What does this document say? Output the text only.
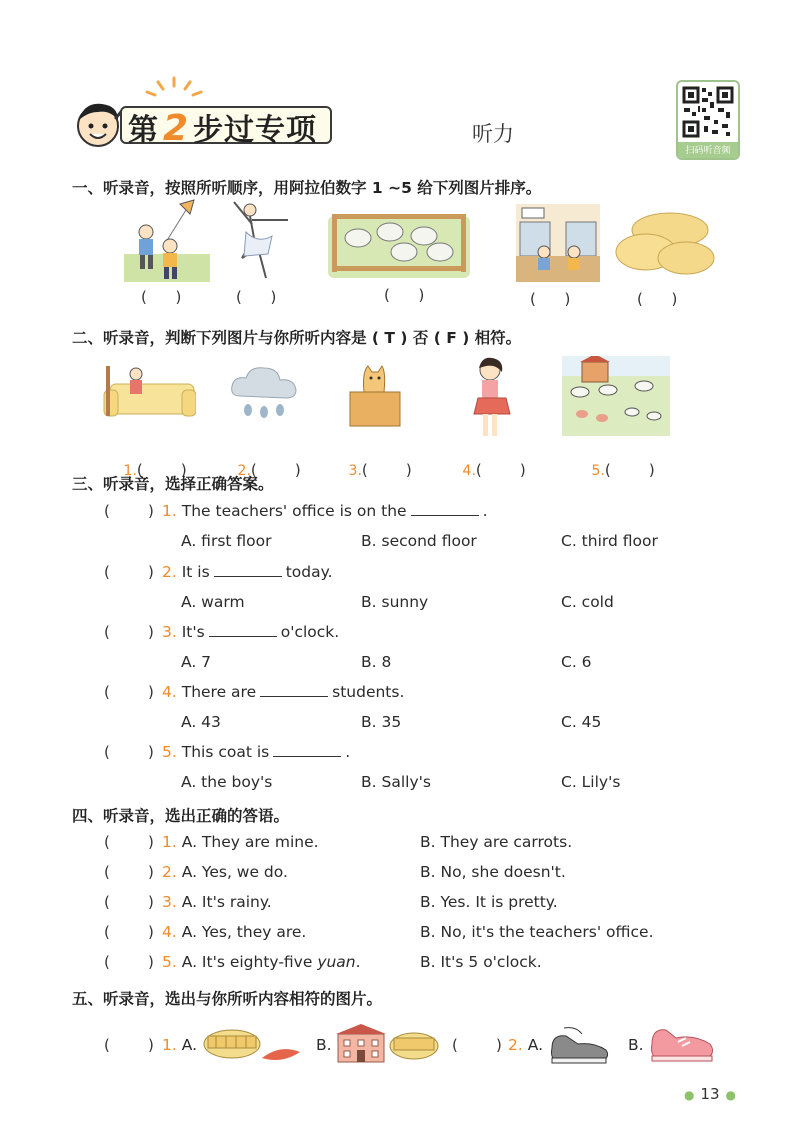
第 2 步过专项	听力
扫码听音频
一、听录音，按照所听顺序，用阿拉伯数字 1 ~5 给下列图片排序。
(      )	(      )	(      )	(      )	(      )
二、听录音，判断下列图片与你所听内容是 ( T ) 否 ( F ) 相符。

1.(        )	2.(        )	3.(        )	4.(        )	5.(        )

三、听录音，选择正确答案。
(        ) 1. The teachers' office is on the	.
A. first floor	B. second floor	C. third floor
(        ) 2. It is	today.
A. warm	B. sunny	C. cold
(        ) 3. It's	o'clock.
A. 7	B. 8	C. 6
(        ) 4. There are	students.
A. 43	B. 35	C. 45
(        ) 5. This coat is	.
A. the boy's	B. Sally's	C. Lily's
四、听录音，选出正确的答语。
(        ) 1. A. They are mine.	B. They are carrots.
(        ) 2. A. Yes, we do.	B. No, she doesn't.
(        ) 3. A. It's rainy.	B. Yes. It is pretty.
(        ) 4. A. Yes, they are.	B. No, it's the teachers' office.
(        ) 5. A. It's eighty-five yuan.	B. It's 5 o'clock.
五、听录音，选出与你所听内容相符的图片。
(        ) 1. A.	B.	(        ) 2. A.	B.
● 13 ●
